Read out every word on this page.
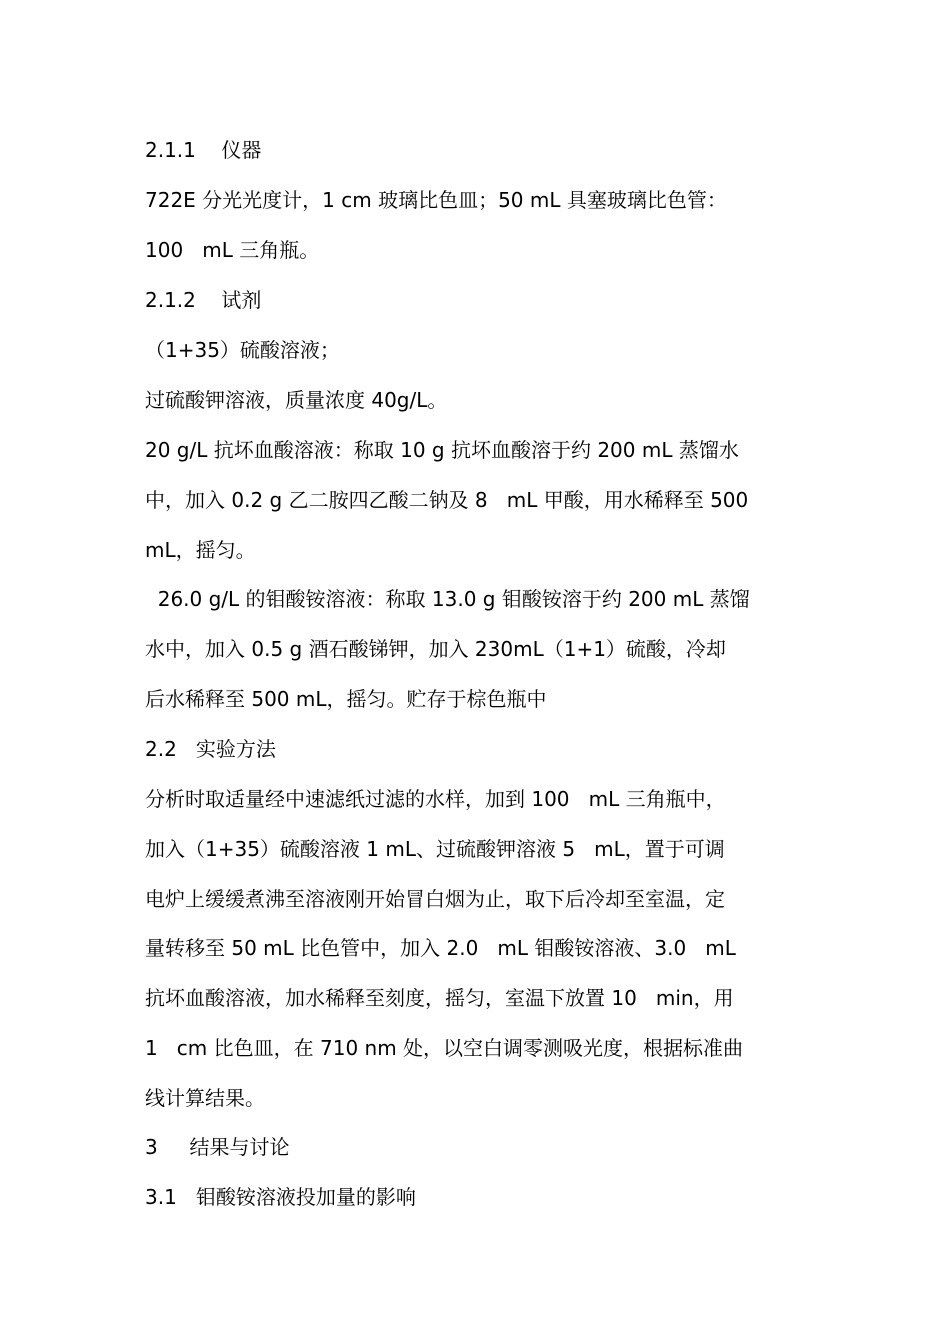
2.1.1    仪器
722E 分光光度计，1 cm 玻璃比色皿；50 mL 具塞玻璃比色管：
100   mL 三角瓶。
2.1.2    试剂
（1+35）硫酸溶液；
过硫酸钾溶液，质量浓度 40g/L。
20 g/L 抗坏血酸溶液：称取 10 g 抗坏血酸溶于约 200 mL 蒸馏水
中，加入 0.2 g 乙二胺四乙酸二钠及 8   mL 甲酸，用水稀释至 500
mL，摇匀。
26.0 g/L 的钼酸铵溶液：称取 13.0 g 钼酸铵溶于约 200 mL 蒸馏
水中，加入 0.5 g 酒石酸锑钾，加入 230mL（1+1）硫酸，冷却
后水稀释至 500 mL，摇匀。贮存于棕色瓶中
2.2   实验方法
分析时取适量经中速滤纸过滤的水样，加到 100   mL 三角瓶中，
加入（1+35）硫酸溶液 1 mL、过硫酸钾溶液 5   mL，置于可调
电炉上缓缓煮沸至溶液刚开始冒白烟为止，取下后冷却至室温，定
量转移至 50 mL 比色管中，加入 2.0   mL 钼酸铵溶液、3.0   mL
抗坏血酸溶液，加水稀释至刻度，摇匀，室温下放置 10   min，用
1   cm 比色皿，在 710 nm 处，以空白调零测吸光度，根据标准曲
线计算结果。
3     结果与讨论
3.1   钼酸铵溶液投加量的影响
